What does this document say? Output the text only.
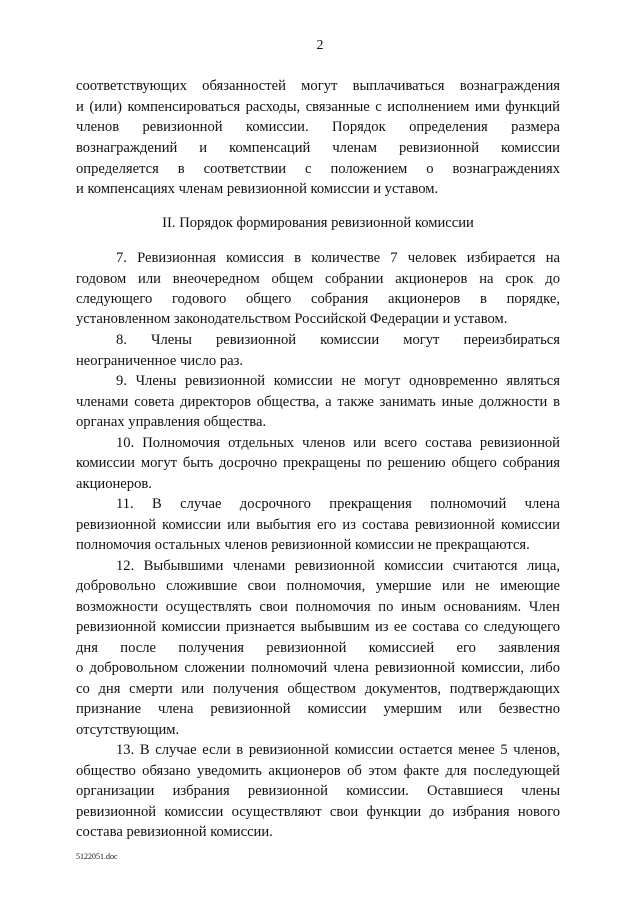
2
соответствующих обязанностей могут выплачиваться вознаграждения
и (или) компенсироваться расходы, связанные с исполнением ими функций
членов ревизионной комиссии. Порядок определения размера
вознаграждений и компенсаций членам ревизионной комиссии
определяется в соответствии с положением о вознаграждениях
и компенсациях членам ревизионной комиссии и уставом.
II. Порядок формирования ревизионной комиссии
7. Ревизионная комиссия в количестве 7 человек избирается на
годовом или внеочередном общем собрании акционеров на срок до
следующего годового общего собрания акционеров в порядке,
установленном законодательством Российской Федерации и уставом.
8. Члены ревизионной комиссии могут переизбираться
неограниченное число раз.
9. Члены ревизионной комиссии не могут одновременно являться
членами совета директоров общества, а также занимать иные должности в
органах управления общества.
10. Полномочия отдельных членов или всего состава ревизионной
комиссии могут быть досрочно прекращены по решению общего собрания
акционеров.
11. В случае досрочного прекращения полномочий члена
ревизионной комиссии или выбытия его из состава ревизионной комиссии
полномочия остальных членов ревизионной комиссии не прекращаются.
12. Выбывшими членами ревизионной комиссии считаются лица,
добровольно сложившие свои полномочия, умершие или не имеющие
возможности осуществлять свои полномочия по иным основаниям. Член
ревизионной комиссии признается выбывшим из ее состава со следующего
дня после получения ревизионной комиссией его заявления
о добровольном сложении полномочий члена ревизионной комиссии, либо
со дня смерти или получения обществом документов, подтверждающих
признание члена ревизионной комиссии умершим или безвестно
отсутствующим.
13. В случае если в ревизионной комиссии остается менее 5 членов,
общество обязано уведомить акционеров об этом факте для последующей
организации избрания ревизионной комиссии. Оставшиеся члены
ревизионной комиссии осуществляют свои функции до избрания нового
состава ревизионной комиссии.
5122051.doc
